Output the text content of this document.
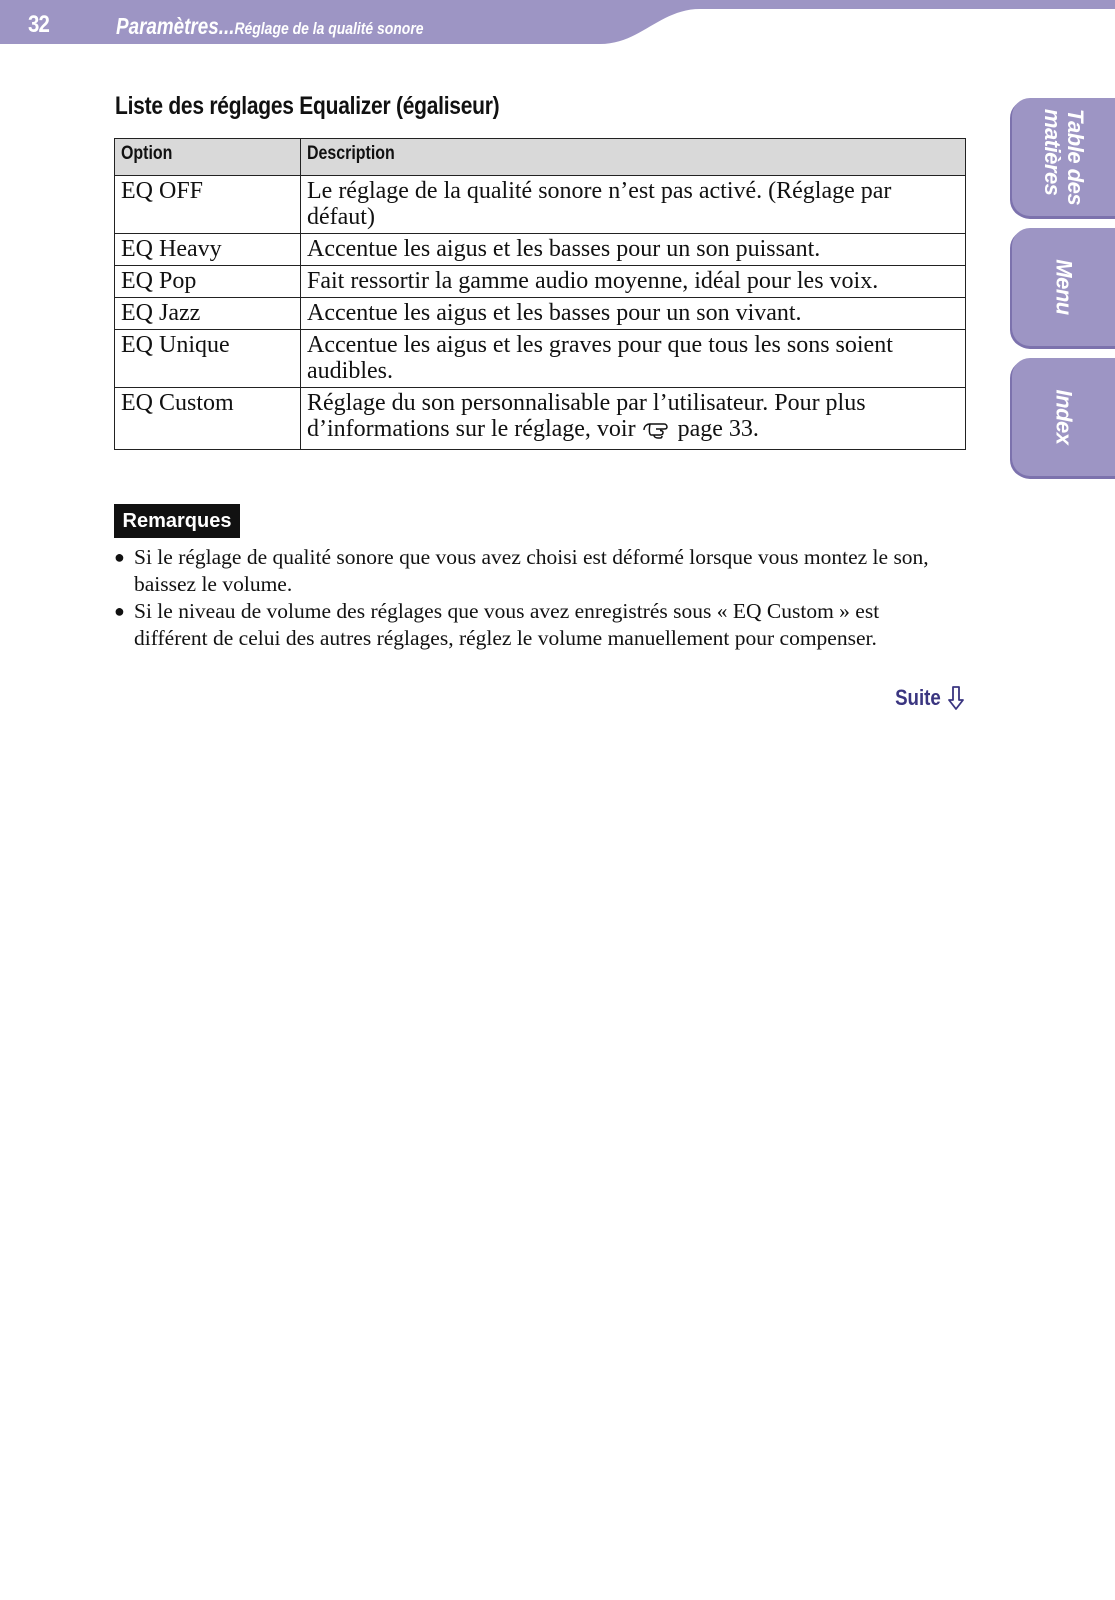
32	Paramètres...Réglage de la qualité sonore
Table des
matières
Menu
Index
Liste des réglages Equalizer (égaliseur)
Option	Description
EQ OFF	Le réglage de la qualité sonore n’est pas activé. (Réglage par défaut)
EQ Heavy	Accentue les aigus et les basses pour un son puissant.
EQ Pop	Fait ressortir la gamme audio moyenne, idéal pour les voix.
EQ Jazz	Accentue les aigus et les basses pour un son vivant.
EQ Unique	Accentue les aigus et les graves pour que tous les sons soient audibles.
EQ Custom	Réglage du son personnalisable par l’utilisateur. Pour plus d’informations sur le réglage, voir page 33.
Remarques
● Si le réglage de qualité sonore que vous avez choisi est déformé lorsque vous montez le son, baissez le volume.
● Si le niveau de volume des réglages que vous avez enregistrés sous « EQ Custom » est différent de celui des autres réglages, réglez le volume manuellement pour compenser.
Suite
